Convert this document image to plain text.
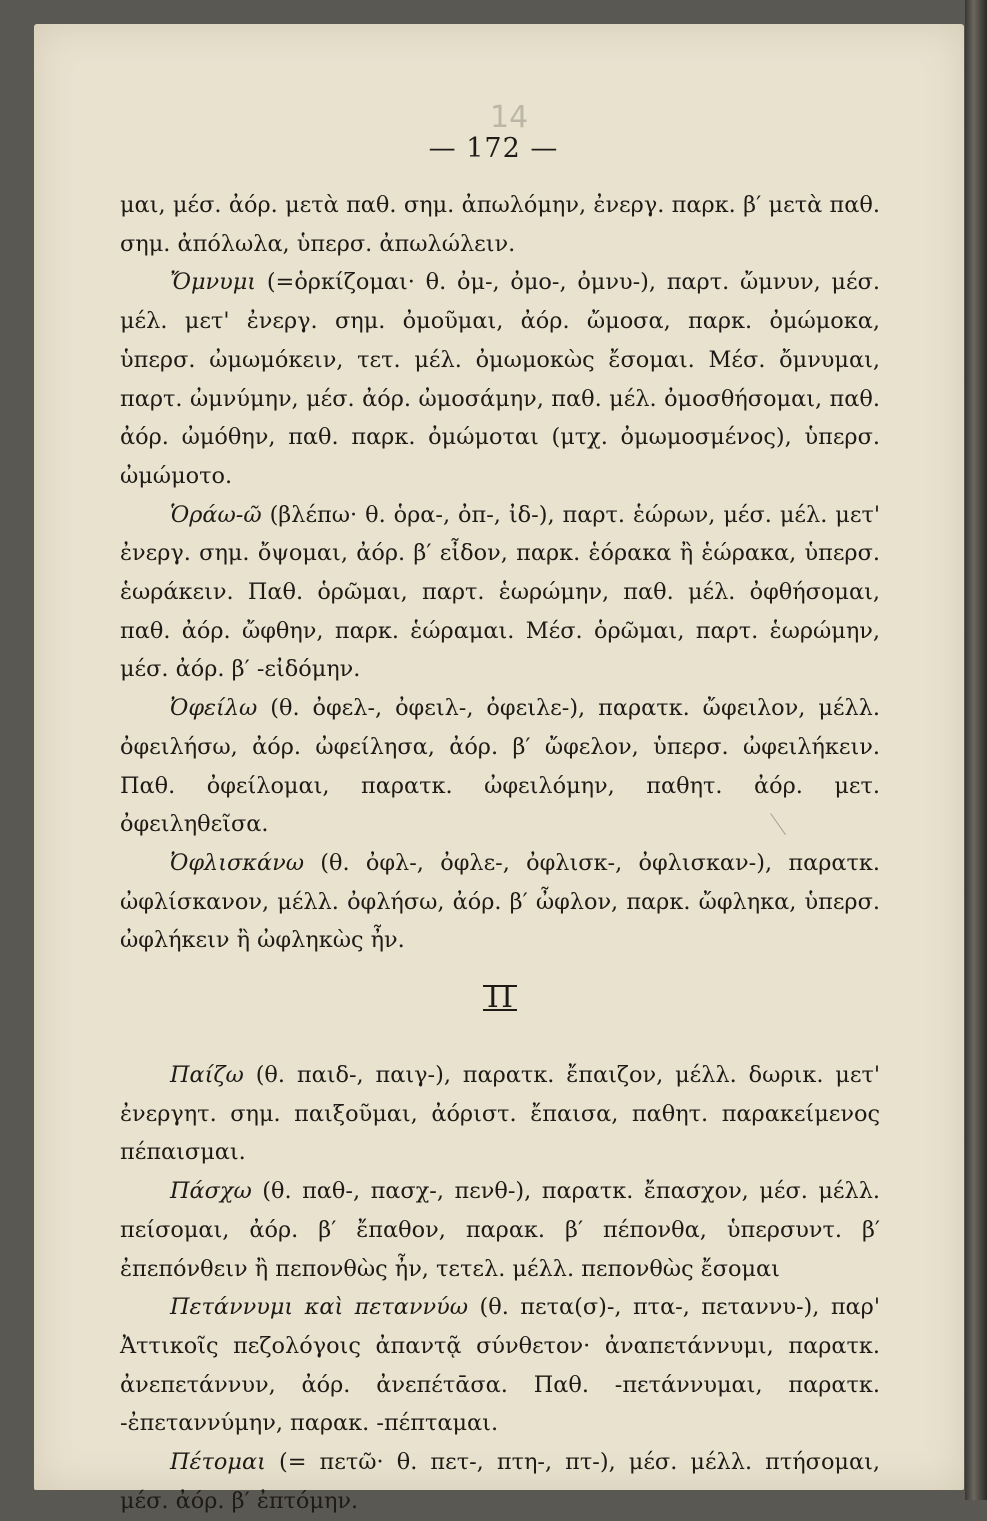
14
— 172 —

μαι, μέσ. ἀόρ. μετὰ παθ. σημ. ἀπωλόμην, ἐνεργ. παρκ. β′ μετὰ παθ. σημ. ἀπόλωλα, ὑπερσ. ἀπωλώλειν.

Ὄμνυμι (=ὁρκίζομαι· θ. ὀμ-, ὀμο-, ὀμνυ-), παρτ. ὤμνυν, μέσ. μέλ. μετ' ἐνεργ. σημ. ὀμοῦμαι, ἀόρ. ὤμοσα, παρκ. ὀμώμοκα, ὑπερσ. ὠμωμόκειν, τετ. μέλ. ὀμωμοκὼς ἔσομαι. Μέσ. ὄμνυμαι, παρτ. ὠμνύμην, μέσ. ἀόρ. ὠμοσάμην, παθ. μέλ. ὀμοσθήσομαι, παθ. ἀόρ. ὠμόθην, παθ. παρκ. ὀμώμοται (μτχ. ὀμωμοσμένος), ὑπερσ. ὠμώμοτο.

Ὁράω-ῶ (βλέπω· θ. ὁρα-, ὀπ-, ἰδ-), παρτ. ἑώρων, μέσ. μέλ. μετ' ἐνεργ. σημ. ὄψομαι, ἀόρ. β′ εἶδον, παρκ. ἑόρακα ἢ ἑώρακα, ὑπερσ. ἑωράκειν. Παθ. ὁρῶμαι, παρτ. ἑωρώμην, παθ. μέλ. ὀφθήσομαι, παθ. ἀόρ. ὤφθην, παρκ. ἑώραμαι. Μέσ. ὁρῶμαι, παρτ. ἑωρώμην, μέσ. ἀόρ. β′ -εἰδόμην.

Ὀφείλω (θ. ὀφελ-, ὀφειλ-, ὀφειλε-), παρατκ. ὤφειλον, μέλλ. ὀφειλήσω, ἀόρ. ὠφείλησα, ἀόρ. β′ ὤφελον, ὑπερσ. ὠφειλήκειν. Παθ. ὀφείλομαι, παρατκ. ὠφειλόμην, παθητ. ἀόρ. μετ. ὀφειληθεῖσα.

Ὀφλισκάνω (θ. ὀφλ-, ὀφλε-, ὀφλισκ-, ὀφλισκαν-), παρατκ. ὠφλίσκανον, μέλλ. ὀφλήσω, ἀόρ. β′ ὦφλον, παρκ. ὤφληκα, ὑπερσ. ὠφλήκειν ἢ ὠφληκὼς ἦν.

Π

Παίζω (θ. παιδ-, παιγ-), παρατκ. ἔπαιζον, μέλλ. δωρικ. μετ' ἐνεργητ. σημ. παιξοῦμαι, ἀόριστ. ἔπαισα, παθητ. παρακείμενος πέπαισμαι.

Πάσχω (θ. παθ-, πασχ-, πενθ-), παρατκ. ἔπασχον, μέσ. μέλλ. πείσομαι, ἀόρ. β′ ἔπαθον, παρακ. β′ πέπονθα, ὑπερσυντ. β′ ἐπεπόνθειν ἢ πεπονθὼς ἦν, τετελ. μέλλ. πεπονθὼς ἔσομαι

Πετάννυμι καὶ πεταννύω (θ. πετα(σ)-, πτα-, πεταννυ-), παρ' Ἀττικοῖς πεζολόγοις ἀπαντᾷ σύνθετον· ἀναπετάννυμι, παρατκ. ἀνεπετάννυν, ἀόρ. ἀνεπέτᾱσα. Παθ. -πετάννυμαι, παρατκ. -ἐπεταννύμην, παρακ. -πέπταμαι.

Πέτομαι (= πετῶ· θ. πετ-, πτη-, πτ-), μέσ. μέλλ. πτήσομαι, μέσ. ἀόρ. β′ ἐπτόμην.
